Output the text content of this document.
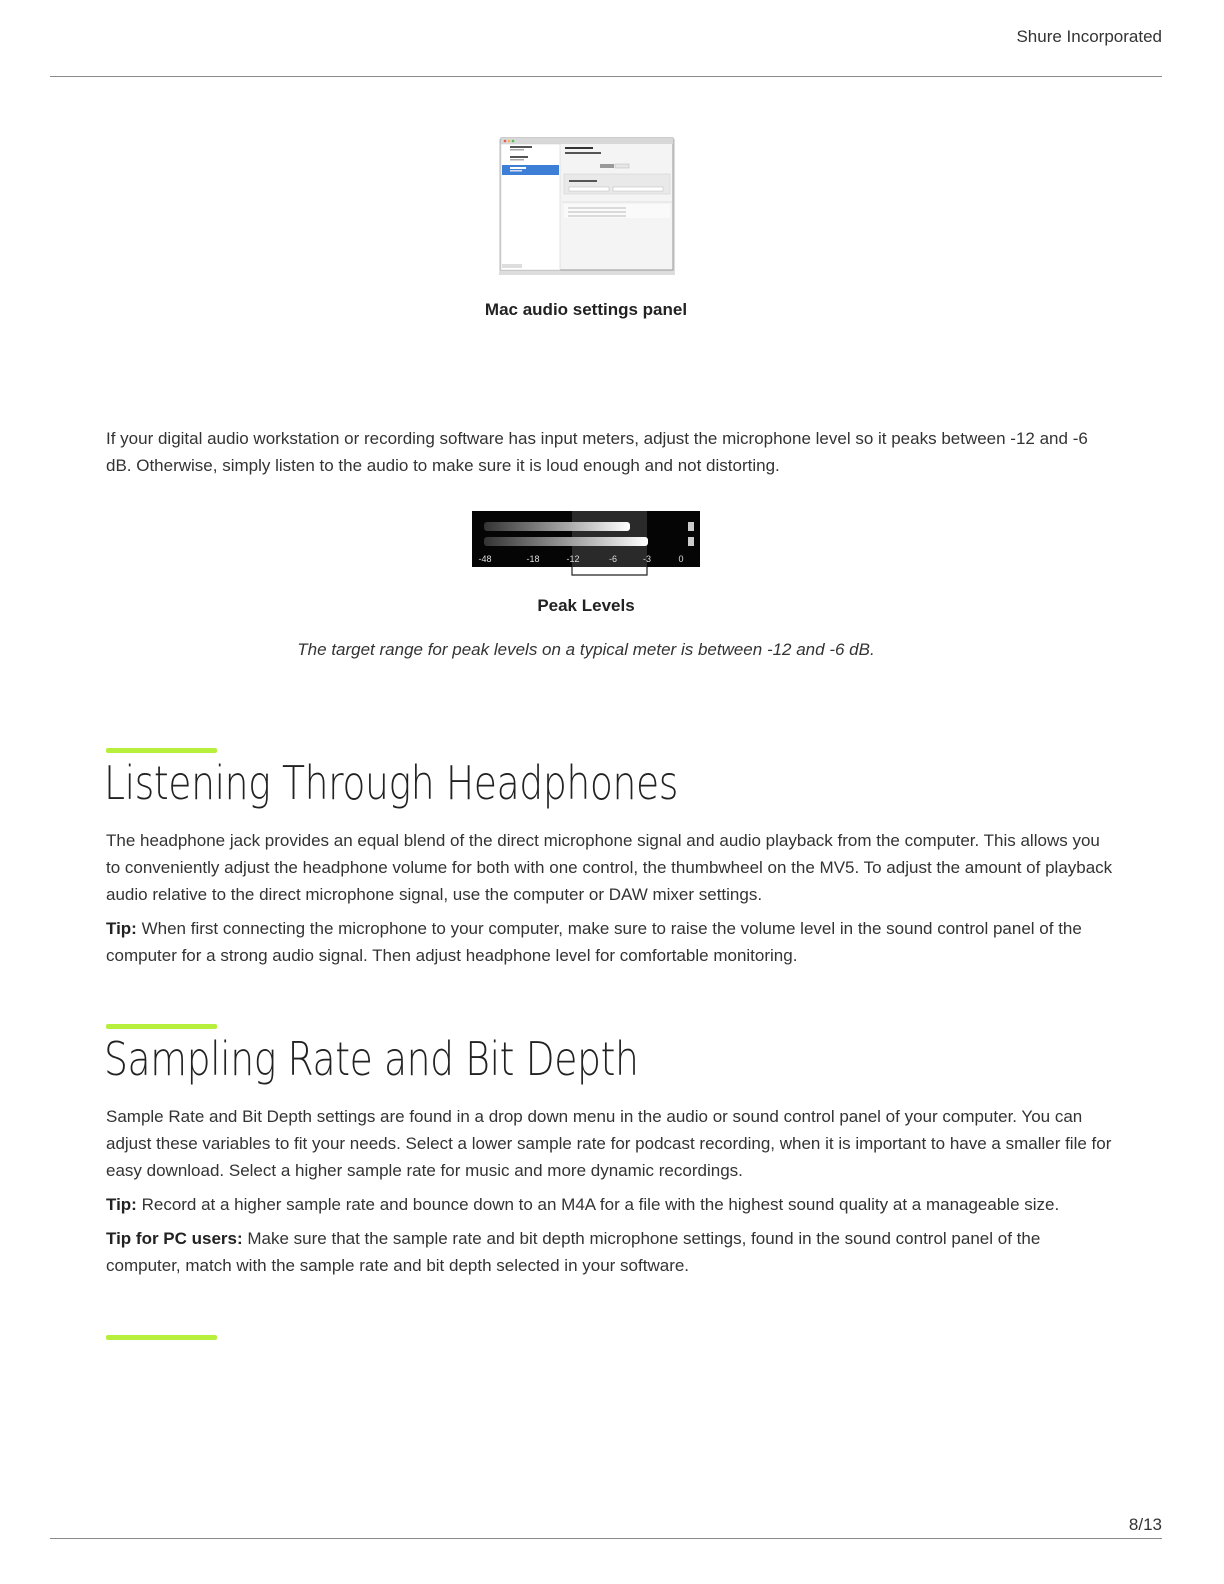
Shure Incorporated
Mac audio settings panel

If your digital audio workstation or recording software has input meters, adjust the microphone level so it peaks between -12 and -6 dB. Otherwise, simply listen to the audio to make sure it is loud enough and not distorting.

-48	-18	-12	-6	-3	0
Peak Levels
The target range for peak levels on a typical meter is between -12 and -6 dB.
Listening Through Headphones

The headphone jack provides an equal blend of the direct microphone signal and audio playback from the computer. This allows you to conveniently adjust the headphone volume for both with one control, the thumbwheel on the MV5. To adjust the amount of playback audio relative to the direct microphone signal, use the computer or DAW mixer settings.

Tip: When first connecting the microphone to your computer, make sure to raise the volume level in the sound control panel of the computer for a strong audio signal. Then adjust headphone level for comfortable monitoring.

Sampling Rate and Bit Depth

Sample Rate and Bit Depth settings are found in a drop down menu in the audio or sound control panel of your computer. You can adjust these variables to fit your needs. Select a lower sample rate for podcast recording, when it is important to have a smaller file for easy download. Select a higher sample rate for music and more dynamic recordings.

Tip: Record at a higher sample rate and bounce down to an M4A for a file with the highest sound quality at a manageable size.

Tip for PC users: Make sure that the sample rate and bit depth microphone settings, found in the sound control panel of the computer, match with the sample rate and bit depth selected in your software.

8/13
